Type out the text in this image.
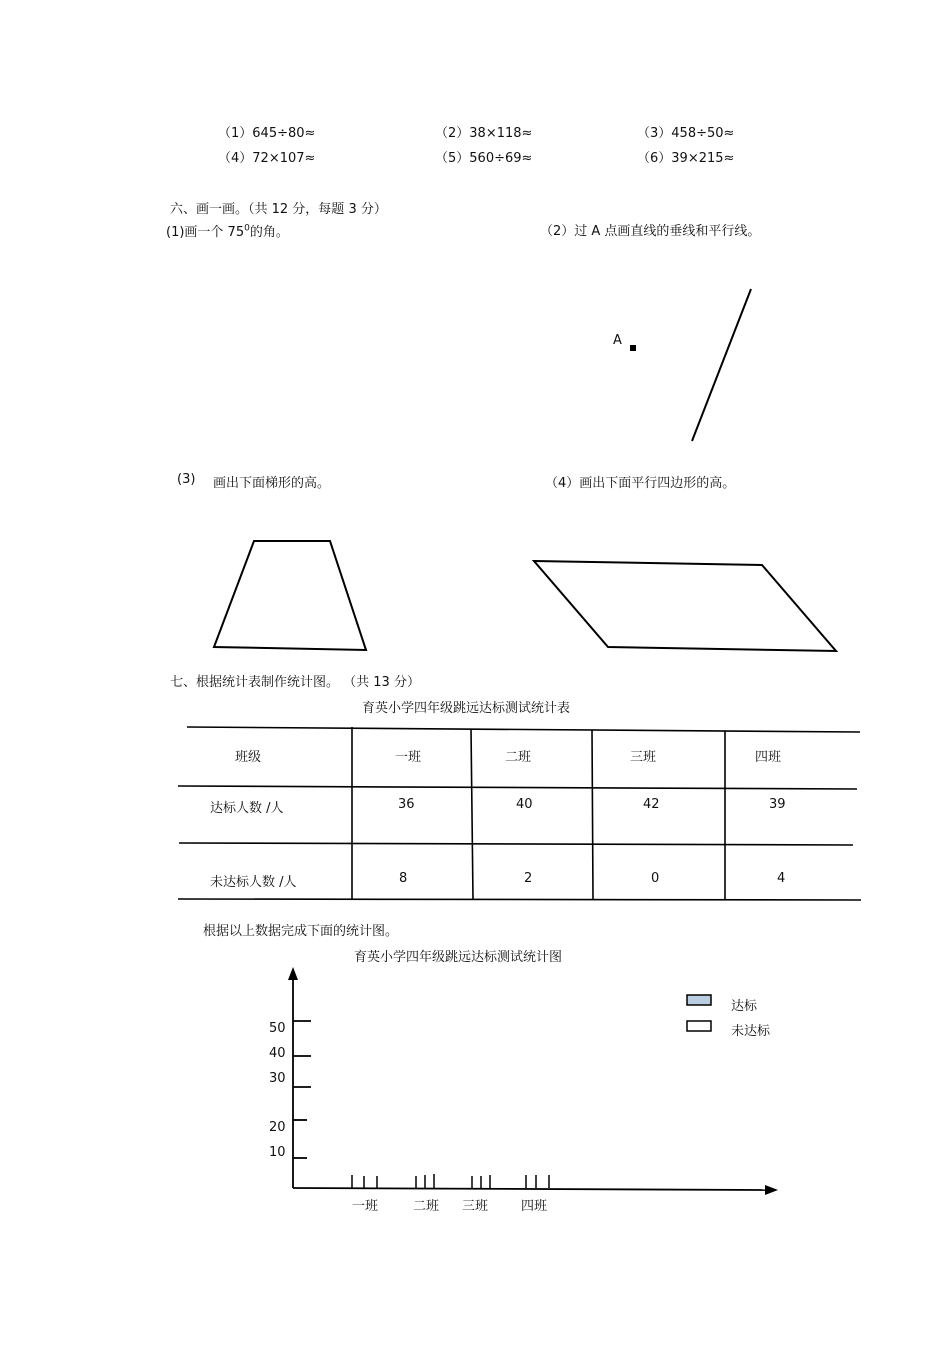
（1）645÷80≈	（2）38×118≈	（3）458÷50≈
（4）72×107≈	（5）560÷69≈	（6）39×215≈
六、画一画。（共 12 分，每题 3 分）
(1)画一个 $75^0$的角。	（2）过 A 点画直线的垂线和平行线。
A
(3) 画出下面梯形的高。	（4）画出下面平行四边形的高。
七、根据统计表制作统计图。 （共 13 分）
育英小学四年级跳远达标测试统计表
班级	一班	二班	三班	四班
达标人数 /人	36	40	42	39
未达标人数 /人	8	2	0	4
根据以上数据完成下面的统计图。
育英小学四年级跳远达标测试统计图
达标
未达标
50
40
30
20
10
一班	二班 三班	四班
